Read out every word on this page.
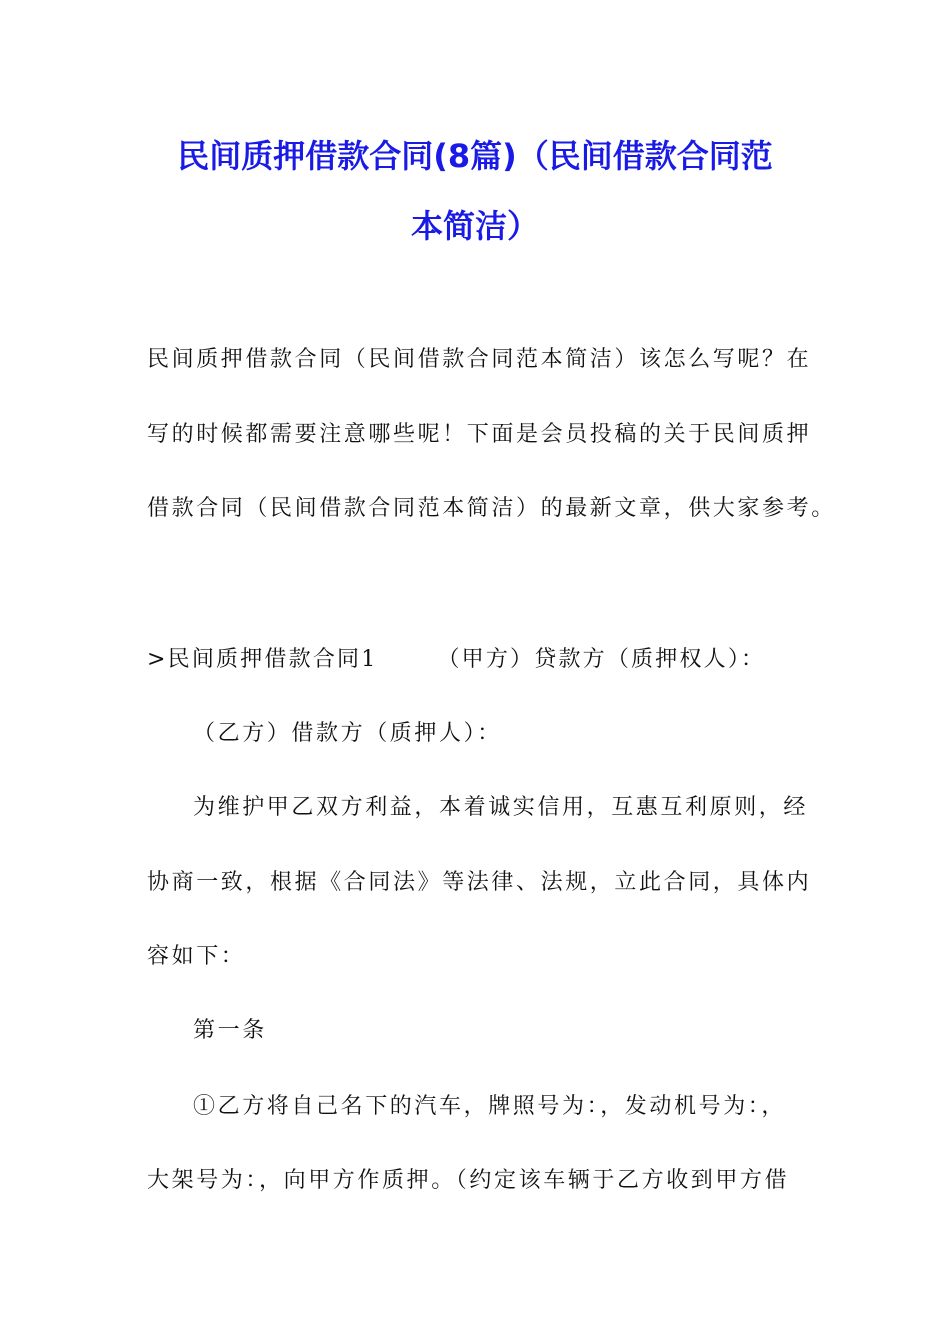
民间质押借款合同(8篇)（民间借款合同范
本简洁）

民间质押借款合同（民间借款合同范本简洁）该怎么写呢？在

写的时候都需要注意哪些呢！下面是会员投稿的关于民间质押

借款合同（民间借款合同范本简洁）的最新文章，供大家参考。

>民间质押借款合同1	（甲方）贷款方（质押权人）：

（乙方）借款方（质押人）：

为维护甲乙双方利益，本着诚实信用，互惠互利原则，经

协商一致，根据《合同法》等法律、法规，立此合同，具体内

容如下：

第一条

①乙方将自己名下的汽车，牌照号为：，发动机号为：，

大架号为：，向甲方作质押。（约定该车辆于乙方收到甲方借
